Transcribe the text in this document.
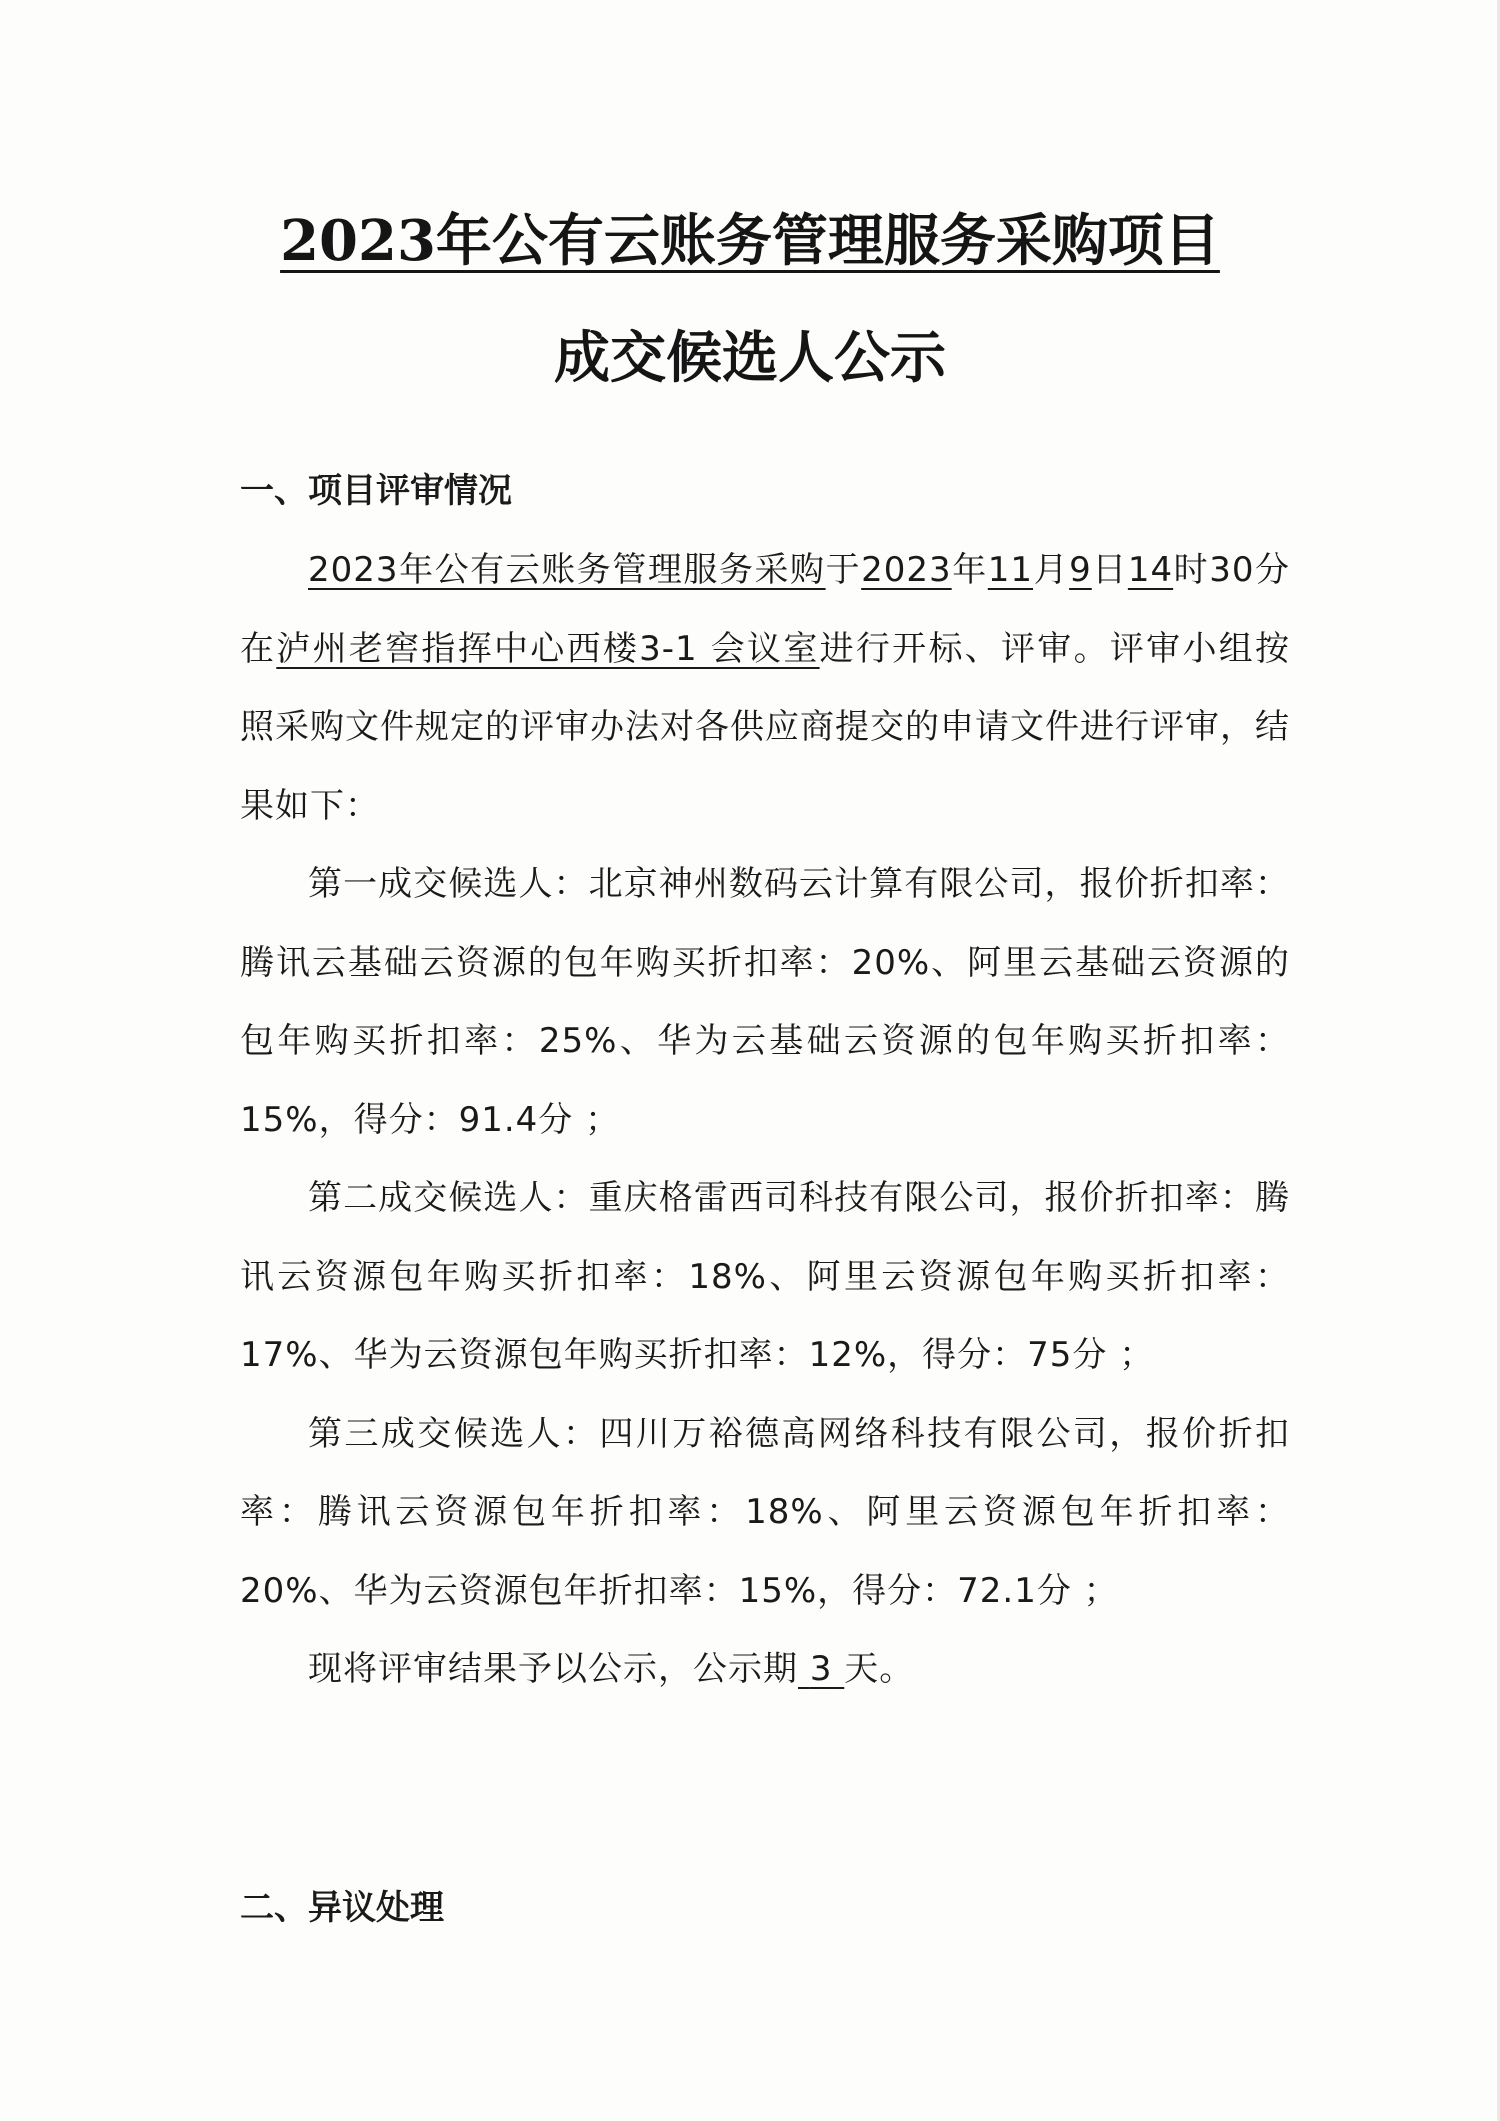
2023年公有云账务管理服务采购项目
成交候选人公示
一、项目评审情况

2023年公有云账务管理服务采购于2023年11月9日14时30分在泸州老窖指挥中心西楼3-1 会议室进行开标、评审。评审小组按照采购文件规定的评审办法对各供应商提交的申请文件进行评审，结果如下：

第一成交候选人：北京神州数码云计算有限公司，报价折扣率：腾讯云基础云资源的包年购买折扣率：20%、阿里云基础云资源的包年购买折扣率：25%、华为云基础云资源的包年购买折扣率：15%，得分：91.4分 ；

第二成交候选人：重庆格雷西司科技有限公司，报价折扣率：腾讯云资源包年购买折扣率：18%、阿里云资源包年购买折扣率：17%、华为云资源包年购买折扣率：12%，得分：75分 ；

第三成交候选人：四川万裕德高网络科技有限公司，报价折扣率：腾讯云资源包年折扣率：18%、阿里云资源包年折扣率：20%、华为云资源包年折扣率：15%，得分：72.1分 ；

现将评审结果予以公示，公示期 3 天。

二、异议处理
